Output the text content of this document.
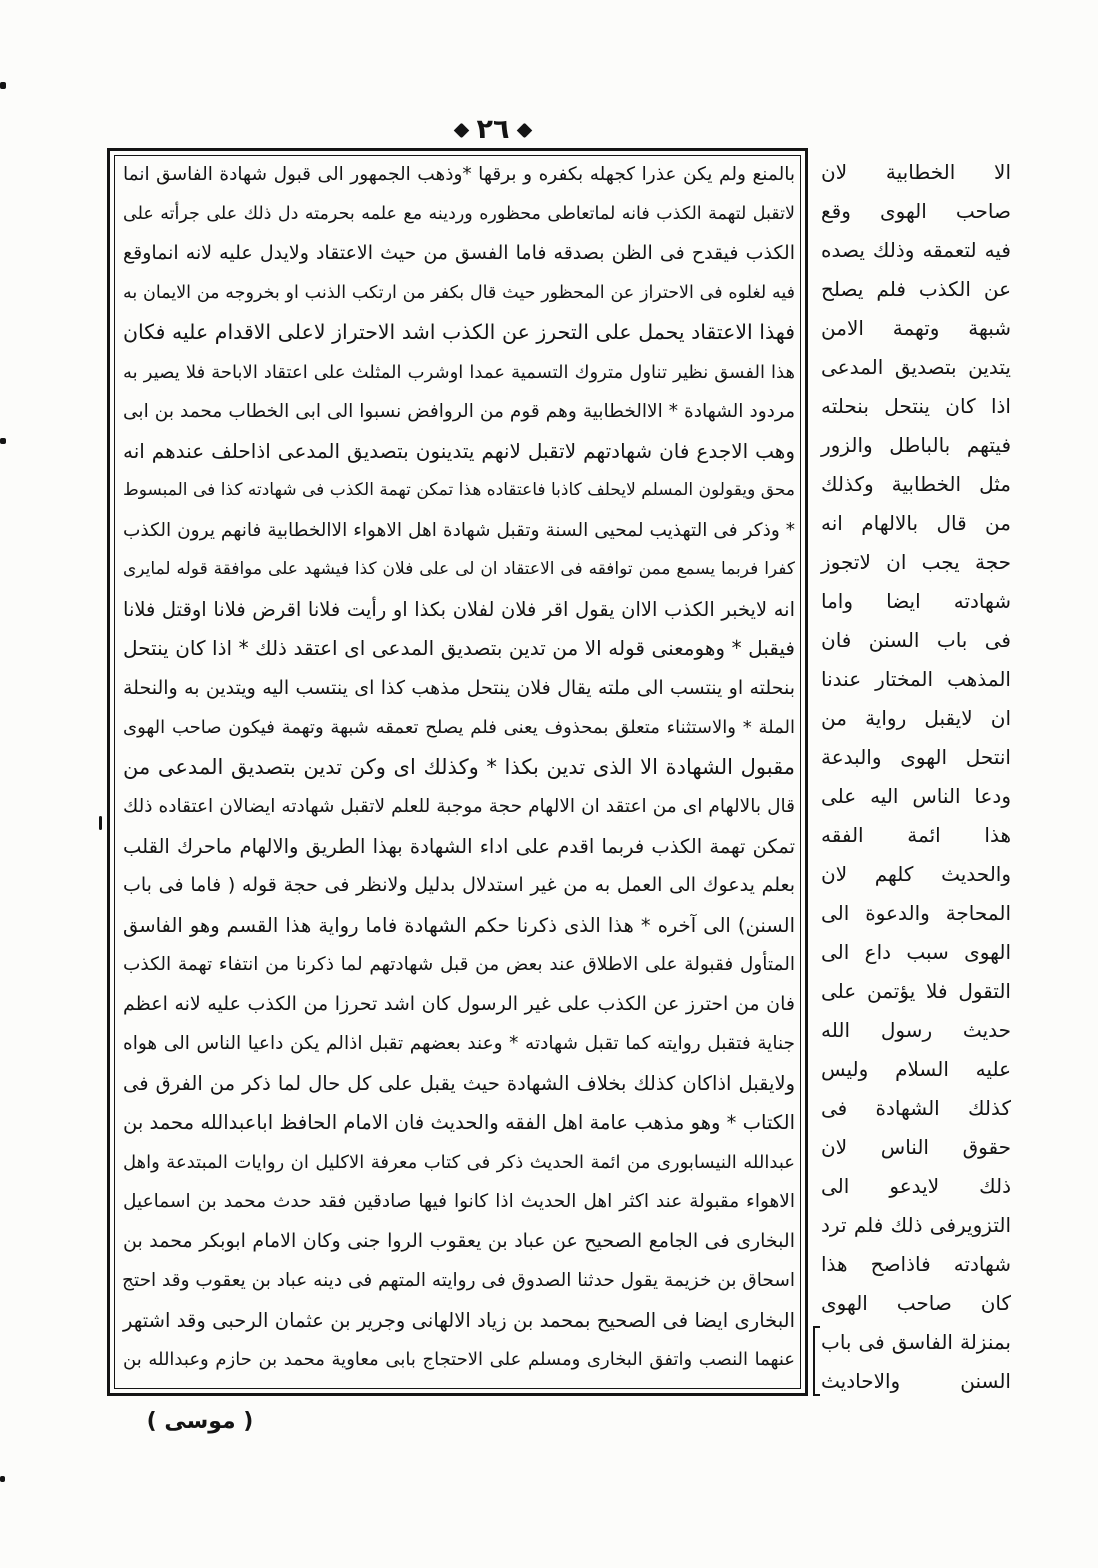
٢٦
بالمنع ولم يكن عذرا كجهله بكفره و برقها *وذهب الجمهور الى قبول شهادة الفاسق انما
لاتقبل لتهمة الكذب فانه لماتعاطى محظوره وردينه مع علمه بحرمته دل ذلك على جرأته على
الكذب فيقدح فى الظن بصدقه فاما الفسق من حيث الاعتقاد ولايدل عليه لانه انماوقع
فيه لغلوه فى الاحتراز عن المحظور حيث قال بكفر من ارتكب الذنب او بخروجه من الايمان به
فهذا الاعتقاد يحمل على التحرز عن الكذب اشد الاحتراز لاعلى الاقدام عليه فكان
هذا الفسق نظير تناول متروك التسمية عمدا اوشرب المثلث على اعتقاد الاباحة فلا يصير به
مردود الشهادة * الاالخطابية وهم قوم من الروافض نسبوا الى ابى الخطاب محمد بن ابى
وهب الاجدع فان شهادتهم لاتقبل لانهم يتدينون بتصديق المدعى اذاحلف عندهم انه
محق ويقولون المسلم لايحلف كاذبا فاعتقاده هذا تمكن تهمة الكذب فى شهادته كذا فى المبسوط
* وذكر فى التهذيب لمحيى السنة وتقبل شهادة اهل الاهواء الاالخطابية فانهم يرون الكذب
كفرا فربما يسمع ممن توافقه فى الاعتقاد ان لى على فلان كذا فيشهد على موافقة قوله لمايرى
انه لايخبر الكذب الاان يقول اقر فلان لفلان بكذا او رأيت فلانا اقرض فلانا اوقتل فلانا
فيقبل * وهومعنى قوله الا من تدين بتصديق المدعى اى اعتقد ذلك * اذا كان ينتحل
بنحلته او ينتسب الى ملته يقال فلان ينتحل مذهب كذا اى ينتسب اليه ويتدين به والنحلة
الملة * والاستثناء متعلق بمحذوف يعنى فلم يصلح تعمقه شبهة وتهمة فيكون صاحب الهوى
مقبول الشهادة الا الذى تدين بكذا * وكذلك اى وكن تدين بتصديق المدعى من
قال بالالهام اى من اعتقد ان الالهام حجة موجبة للعلم لاتقبل شهادته ايضالان اعتقاده ذلك
تمكن تهمة الكذب فربما اقدم على اداء الشهادة بهذا الطريق والالهام ماحرك القلب
بعلم يدعوك الى العمل به من غير استدلال بدليل ولانظر فى حجة قوله ( فاما فى باب
السنن) الى آخره * هذا الذى ذكرنا حكم الشهادة فاما رواية هذا القسم وهو الفاسق
المتأول فقبولة على الاطلاق عند بعض من قبل شهادتهم لما ذكرنا من انتفاء تهمة الكذب
فان من احترز عن الكذب على غير الرسول كان اشد تحرزا من الكذب عليه لانه اعظم
جناية فتقبل روايته كما تقبل شهادته * وعند بعضهم تقبل اذالم يكن داعيا الناس الى هواه
ولايقبل اذاكان كذلك بخلاف الشهادة حيث يقبل على كل حال لما ذكر من الفرق فى
الكتاب * وهو مذهب عامة اهل الفقه والحديث فان الامام الحافظ اباعبدالله محمد بن
عبدالله النيسابورى من ائمة الحديث ذكر فى كتاب معرفة الاكليل ان روايات المبتدعة واهل
الاهواء مقبولة عند اكثر اهل الحديث اذا كانوا فيها صادقين فقد حدث محمد بن اسماعيل
البخارى فى الجامع الصحيح عن عباد بن يعقوب الروا جنى وكان الامام ابوبكر محمد بن
اسحاق بن خزيمة يقول حدثنا الصدوق فى روايته المتهم فى دينه عباد بن يعقوب وقد احتج
البخارى ايضا فى الصحيح بمحمد بن زياد الالهانى وجرير بن عثمان الرحبى وقد اشتهر
عنهما النصب واتفق البخارى ومسلم على الاحتجاج بابى معاوية محمد بن حازم وعبدالله بن
الا الخطابية لان
صاحب الهوى وقع
فيه لتعمقه وذلك يصده
عن الكذب فلم يصلح
شبهة وتهمة الامن
يتدين بتصديق المدعى
اذا كان ينتحل بنحلته
فيتهم بالباطل والزور
مثل الخطابية وكذلك
من قال بالالهام انه
حجة يجب ان لاتجوز
شهادته ايضا واما
فى باب السنن فان
المذهب المختار عندنا
ان لايقبل رواية من
انتحل الهوى والبدعة
ودعا الناس اليه على
هذا ائمة الفقه
والحديث كلهم لان
المحاجة والدعوة الى
الهوى سبب داع الى
التقول فلا يؤتمن على
حديث رسول الله
عليه السلام وليس
كذلك الشهادة فى
حقوق الناس لان
ذلك لايدعو الى
التزويرفى ذلك فلم ترد
شهادته فاذاصح هذا
كان صاحب الهوى
بمنزلة الفاسق فى باب
السنن والاحاديث
( موسى )
